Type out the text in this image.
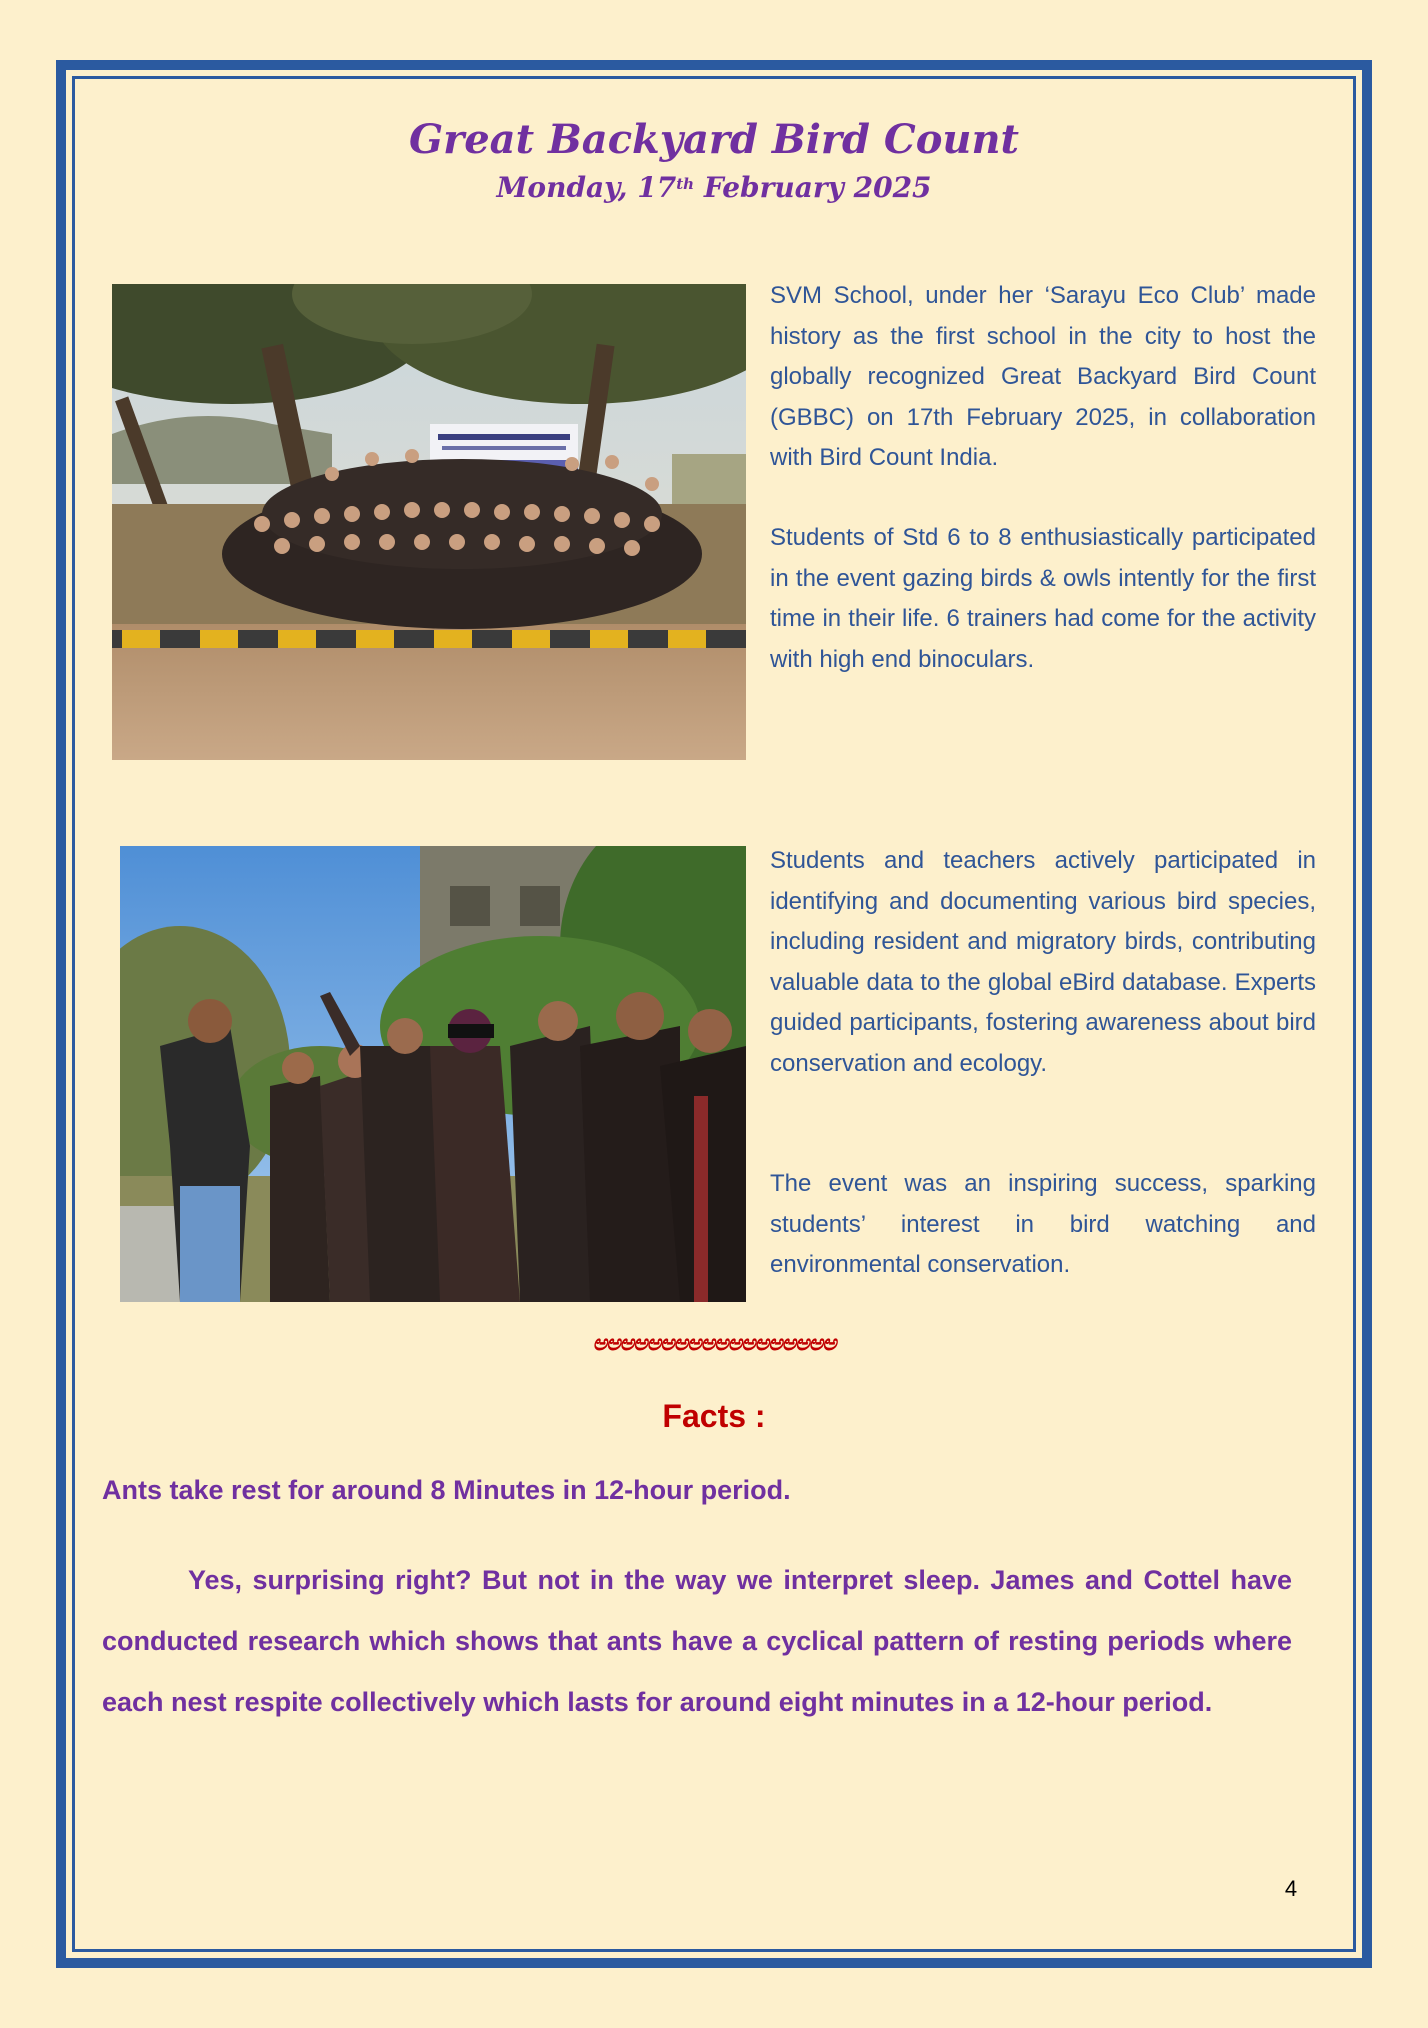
Great Backyard Bird Count
Monday, 17th February 2025

SVM School, under her ‘Sarayu Eco Club’ made history as the first school in the city to host the globally recognized Great Backyard Bird Count (GBBC) on 17th February 2025, in collaboration with Bird Count India.

Students of Std 6 to 8 enthusiastically participated in the event gazing birds & owls intently for the first time in their life. 6 trainers had come for the activity with high end binoculars.

Students and teachers actively participated in identifying and documenting various bird species, including resident and migratory birds, contributing valuable data to the global eBird database. Experts guided participants, fostering awareness about bird conservation and ecology.

The event was an inspiring success, sparking students’ interest in bird watching and environmental conservation.

ಅಅಅಅಅಅಅಅಅಅಅಅಅಅಅಅಅಅ
Facts :

Ants take rest for around 8 Minutes in 12-hour period.

Yes, surprising right? But not in the way we interpret sleep. James and Cottel have conducted research which shows that ants have a cyclical pattern of resting periods where each nest respite collectively which lasts for around eight minutes in a 12-hour period.

4
